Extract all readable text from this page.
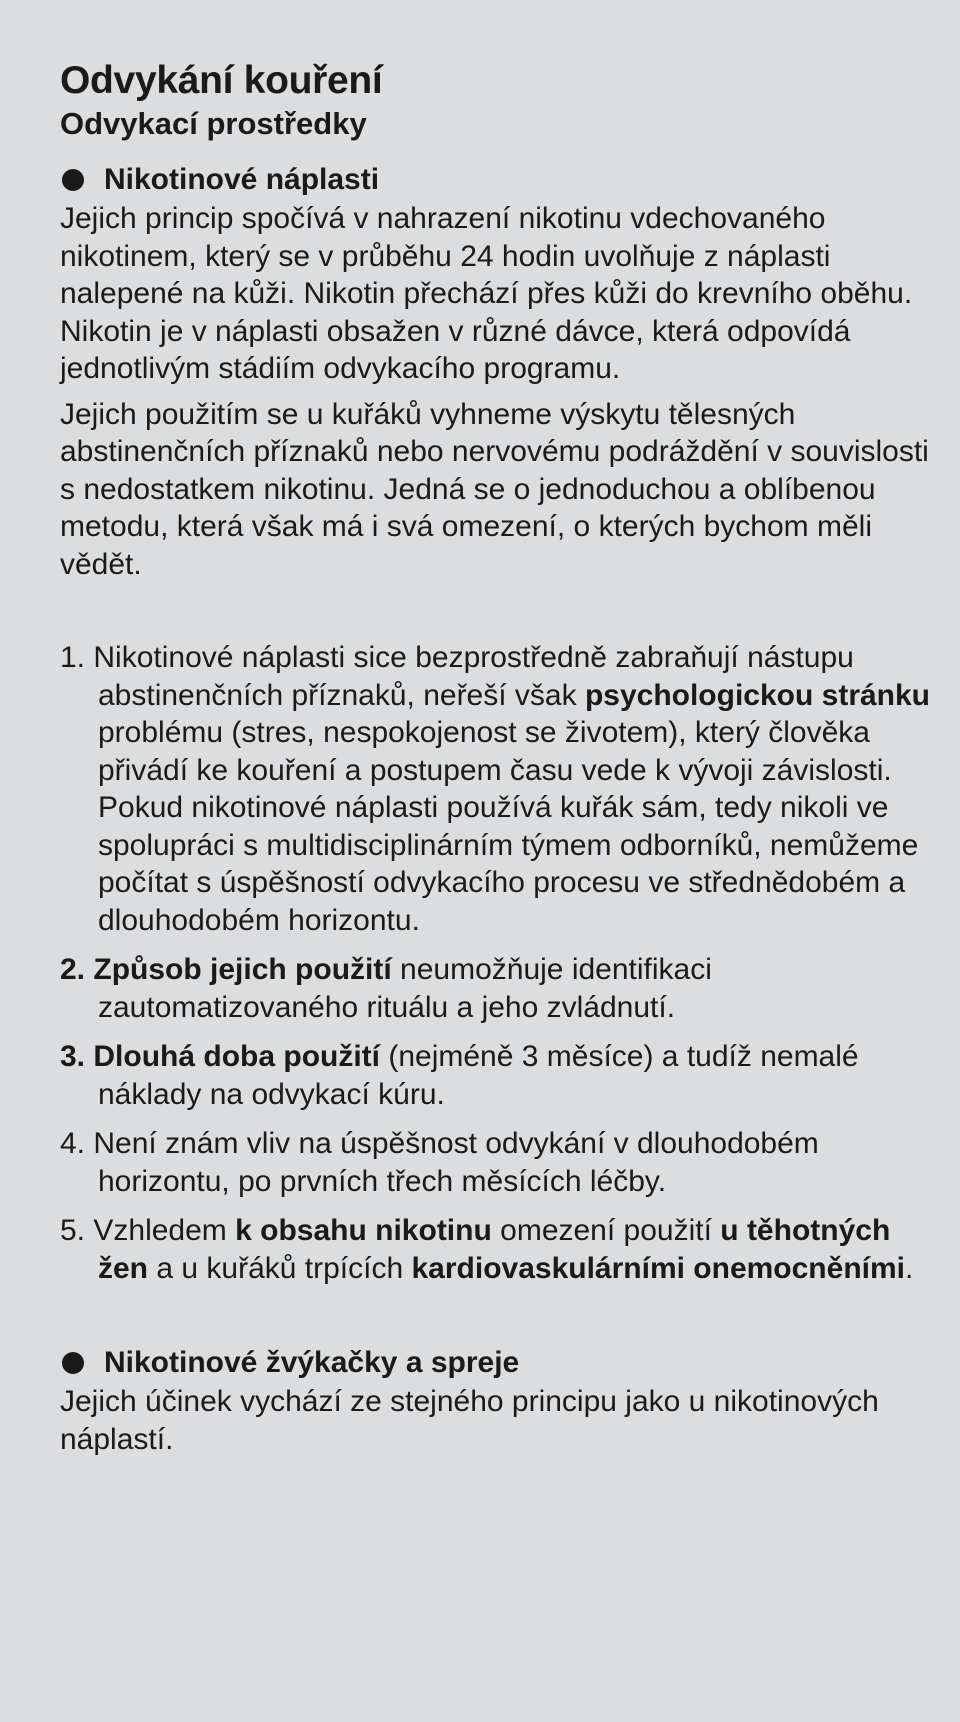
Odvykání kouření
Odvykací prostředky
Nikotinové náplasti

Jejich princip spočívá v nahrazení nikotinu vdechovaného nikotinem, který se v průběhu 24 hodin uvolňuje z náplasti nalepené na kůži. Nikotin přechází přes kůži do krevního oběhu. Nikotin je v náplasti obsažen v různé dávce, která odpovídá jednotlivým stádiím odvykacího programu.

Jejich použitím se u kuřáků vyhneme výskytu tělesných abstinenčních příznaků nebo nervovému podráždění v souvislosti s nedostatkem nikotinu. Jedná se o jednoduchou a oblíbenou metodu, která však má i svá omezení, o kterých bychom měli vědět.

1. Nikotinové náplasti sice bezprostředně zabraňují nástupu abstinenčních příznaků, neřeší však psychologickou stránku problému (stres, nespokojenost se životem), který člověka přivádí ke kouření a postupem času vede k vývoji závislosti. Pokud nikotinové náplasti používá kuřák sám, tedy nikoli ve spolupráci s multidisciplinárním týmem odborníků, nemůžeme počítat s úspěšností odvykacího procesu ve střednědobém a dlouhodobém horizontu.
2. Způsob jejich použití neumožňuje identifikaci zautomatizovaného rituálu a jeho zvládnutí.
3. Dlouhá doba použití (nejméně 3 měsíce) a tudíž nemalé náklady na odvykací kúru.
4. Není znám vliv na úspěšnost odvykání v dlouhodobém horizontu, po prvních třech měsících léčby.
5. Vzhledem k obsahu nikotinu omezení použití u těhotných žen a u kuřáků trpících kardiovaskulárními onemocněními.
Nikotinové žvýkačky a spreje

Jejich účinek vychází ze stejného principu jako u nikotinových náplastí.
